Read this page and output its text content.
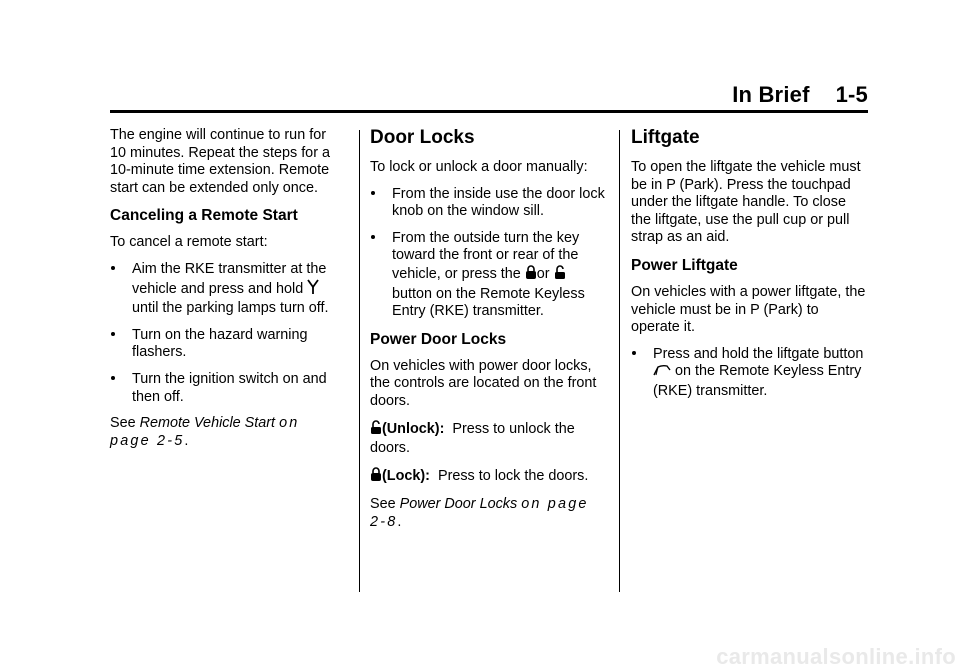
In Brief 1-5

The engine will continue to run for 10 minutes. Repeat the steps for a 10-minute time extension. Remote start can be extended only once.

Canceling a Remote Start

To cancel a remote start:

Aim the RKE transmitter at the vehicle and press and hold  until the parking lamps turn off.
Turn on the hazard warning flashers.
Turn the ignition switch on and then off.

See Remote Vehicle Start on page 2-5.

Door Locks

To lock or unlock a door manually:

From the inside use the door lock knob on the window sill.
From the outside turn the key toward the front or rear of the vehicle, or press the or  button on the Remote Keyless Entry (RKE) transmitter.
Power Door Locks

On vehicles with power door locks, the controls are located on the front doors.

(Unlock): Press to unlock the doors.

(Lock): Press to lock the doors.

See Power Door Locks on page 2-8.

Liftgate

To open the liftgate the vehicle must be in P (Park). Press the touchpad under the liftgate handle. To close the liftgate, use the pull cup or pull strap as an aid.

Power Liftgate

On vehicles with a power liftgate, the vehicle must be in P (Park) to operate it.

Press and hold the liftgate button  on the Remote Keyless Entry (RKE) transmitter.
carmanualsonline.info
